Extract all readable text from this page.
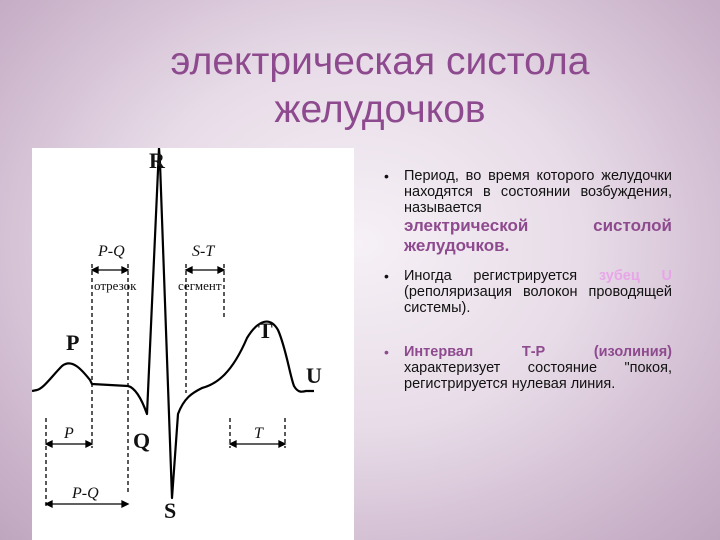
электрическая систола
желудочков
R
P
Q
S
T
U
P-Q
отрезок
S-T
сегмент
P	T
P-Q
• Период, во время которого желудочки находятся в состоянии возбуждения, называется
электрической систолой желудочков.
• Иногда регистрируется зубец U (реполяризация волокон проводящей системы).
• Интервал Т-Р (изолиния) характеризует состояние "покоя, регистрируется нулевая линия.
